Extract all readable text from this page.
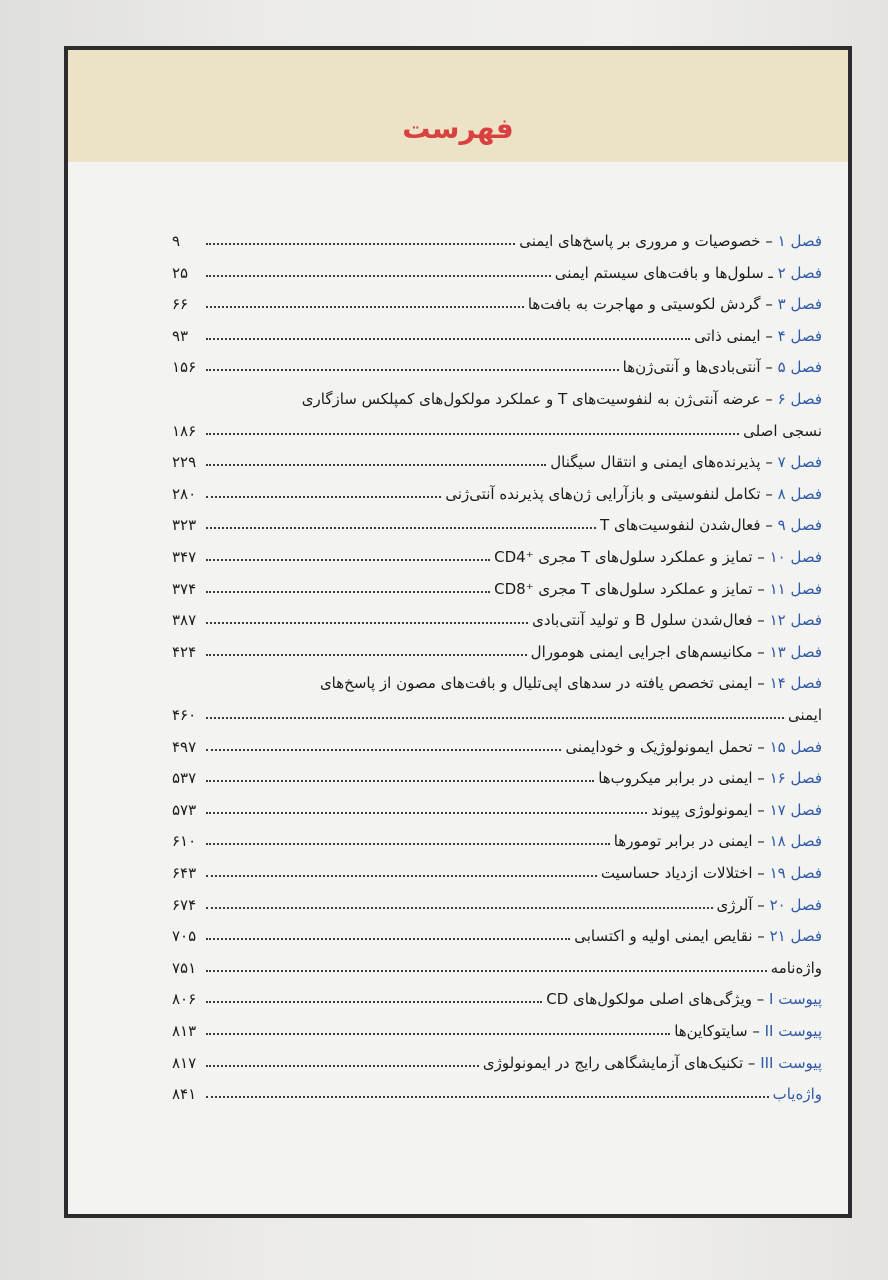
فهرست
فصل ۱ – خصوصیات و مروری بر پاسخ‌های ایمنی
۹
فصل ۲ ـ سلول‌ها و بافت‌های سیستم ایمنی
۲۵
فصل ۳ – گردش لکوسیتی و مهاجرت به بافت‌ها
۶۶
فصل ۴ – ایمنی ذاتی
۹۳
فصل ۵ – آنتی‌بادی‌ها و آنتی‌ژن‌ها
۱۵۶
فصل ۶ – عرضه آنتی‌ژن به لنفوسیت‌های T و عملکرد مولکول‌های کمپلکس سازگاری
نسجی اصلی
۱۸۶
فصل ۷ – پذیرنده‌های ایمنی و انتقال سیگنال
۲۲۹
فصل ۸ – تکامل لنفوسیتی و بازآرایی ژن‌های پذیرنده آنتی‌ژنی
۲۸۰
فصل ۹ – فعال‌شدن لنفوسیت‌های T
۳۲۳
فصل ۱۰ – تمایز و عملکرد سلول‌های T مجری ⁺CD4
۳۴۷
فصل ۱۱ – تمایز و عملکرد سلول‌های T مجری ⁺CD8
۳۷۴
فصل ۱۲ – فعال‌شدن سلول B و تولید آنتی‌بادی
۳۸۷
فصل ۱۳ – مکانیسم‌های اجرایی ایمنی هومورال
۴۲۴
فصل ۱۴ – ایمنی تخصص یافته در سدهای اپی‌تلیال و بافت‌های مصون از پاسخ‌های
ایمنی
۴۶۰
فصل ۱۵ – تحمل ایمونولوژیک و خودایمنی
۴۹۷
فصل ۱۶ – ایمنی در برابر میکروب‌ها
۵۳۷
فصل ۱۷ – ایمونولوژی پیوند
۵۷۳
فصل ۱۸ – ایمنی در برابر تومورها
۶۱۰
فصل ۱۹ – اختلالات ازدیاد حساسیت
۶۴۳
فصل ۲۰ – آلرژی
۶۷۴
فصل ۲۱ – نقایص ایمنی اولیه و اکتسابی
۷۰۵
واژه‌نامه
۷۵۱
پیوست I – ویژگی‌های اصلی مولکول‌های CD
۸۰۶
پیوست II – سایتوکاین‌ها
۸۱۳
پیوست III – تکنیک‌های آزمایشگاهی رایج در ایمونولوژی
۸۱۷
واژه‌یاب
۸۴۱
